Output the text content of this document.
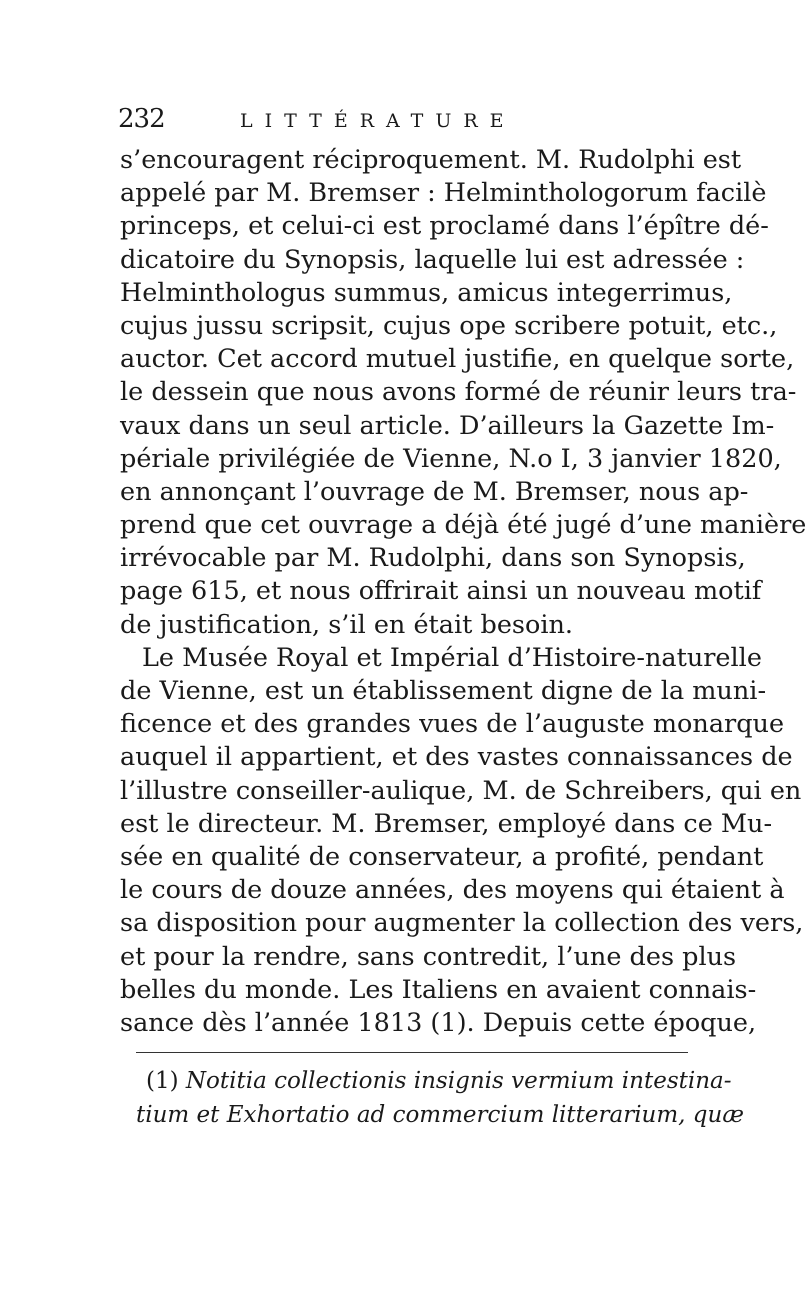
232	LITTÉRATURE
s’encouragent réciproquement. M. Rudolphi est
appelé par M. Bremser : Helminthologorum facilè
princeps, et celui-ci est proclamé dans l’épître dé-
dicatoire du Synopsis, laquelle lui est adressée :
Helminthologus summus, amicus integerrimus,
cujus jussu scripsit, cujus ope scribere potuit, etc.,
auctor. Cet accord mutuel justifie, en quelque sorte,
le dessein que nous avons formé de réunir leurs tra-
vaux dans un seul article. D’ailleurs la Gazette Im-
périale privilégiée de Vienne, N.o I, 3 janvier 1820,
en annonçant l’ouvrage de M. Bremser, nous ap-
prend que cet ouvrage a déjà été jugé d’une manière
irrévocable par M. Rudolphi, dans son Synopsis,
page 615, et nous offrirait ainsi un nouveau motif
de justification, s’il en était besoin.
Le Musée Royal et Impérial d’Histoire-naturelle
de Vienne, est un établissement digne de la muni-
ficence et des grandes vues de l’auguste monarque
auquel il appartient, et des vastes connaissances de
l’illustre conseiller-aulique, M. de Schreibers, qui en
est le directeur. M. Bremser, employé dans ce Mu-
sée en qualité de conservateur, a profité, pendant
le cours de douze années, des moyens qui étaient à
sa disposition pour augmenter la collection des vers,
et pour la rendre, sans contredit, l’une des plus
belles du monde. Les Italiens en avaient connais-
sance dès l’année 1813 (1). Depuis cette époque,
(1) Notitia collectionis insignis vermium intestina-
tium et Exhortatio ad commercium litterarium, quæ
